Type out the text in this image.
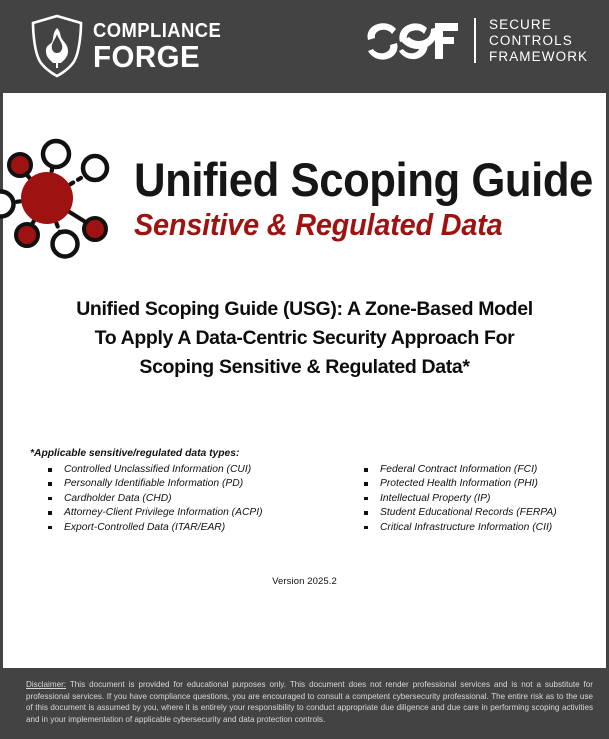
COMPLIANCE
FORGE
SECURE
CONTROLS
FRAMEWORK
Unified Scoping Guide
Sensitive & Regulated Data
Unified Scoping Guide (USG): A Zone-Based Model
To Apply A Data-Centric Security Approach For
Scoping Sensitive & Regulated Data*
*Applicable sensitive/regulated data types:
Controlled Unclassified Information (CUI)
Personally Identifiable Information (PD)
Cardholder Data (CHD)
Attorney-Client Privilege Information (ACPI)
Export-Controlled Data (ITAR/EAR)
Federal Contract Information (FCI)
Protected Health Information (PHI)
Intellectual Property (IP)
Student Educational Records (FERPA)
Critical Infrastructure Information (CII)
Version 2025.2

Disclaimer: This document is provided for educational purposes only. This document does not render professional services and is not a substitute for professional services. If you have compliance questions, you are encouraged to consult a competent cybersecurity professional. The entire risk as to the use of this document is assumed by you, where it is entirely your responsibility to conduct appropriate due diligence and due care in performing scoping activities and in your implementation of applicable cybersecurity and data protection controls.
